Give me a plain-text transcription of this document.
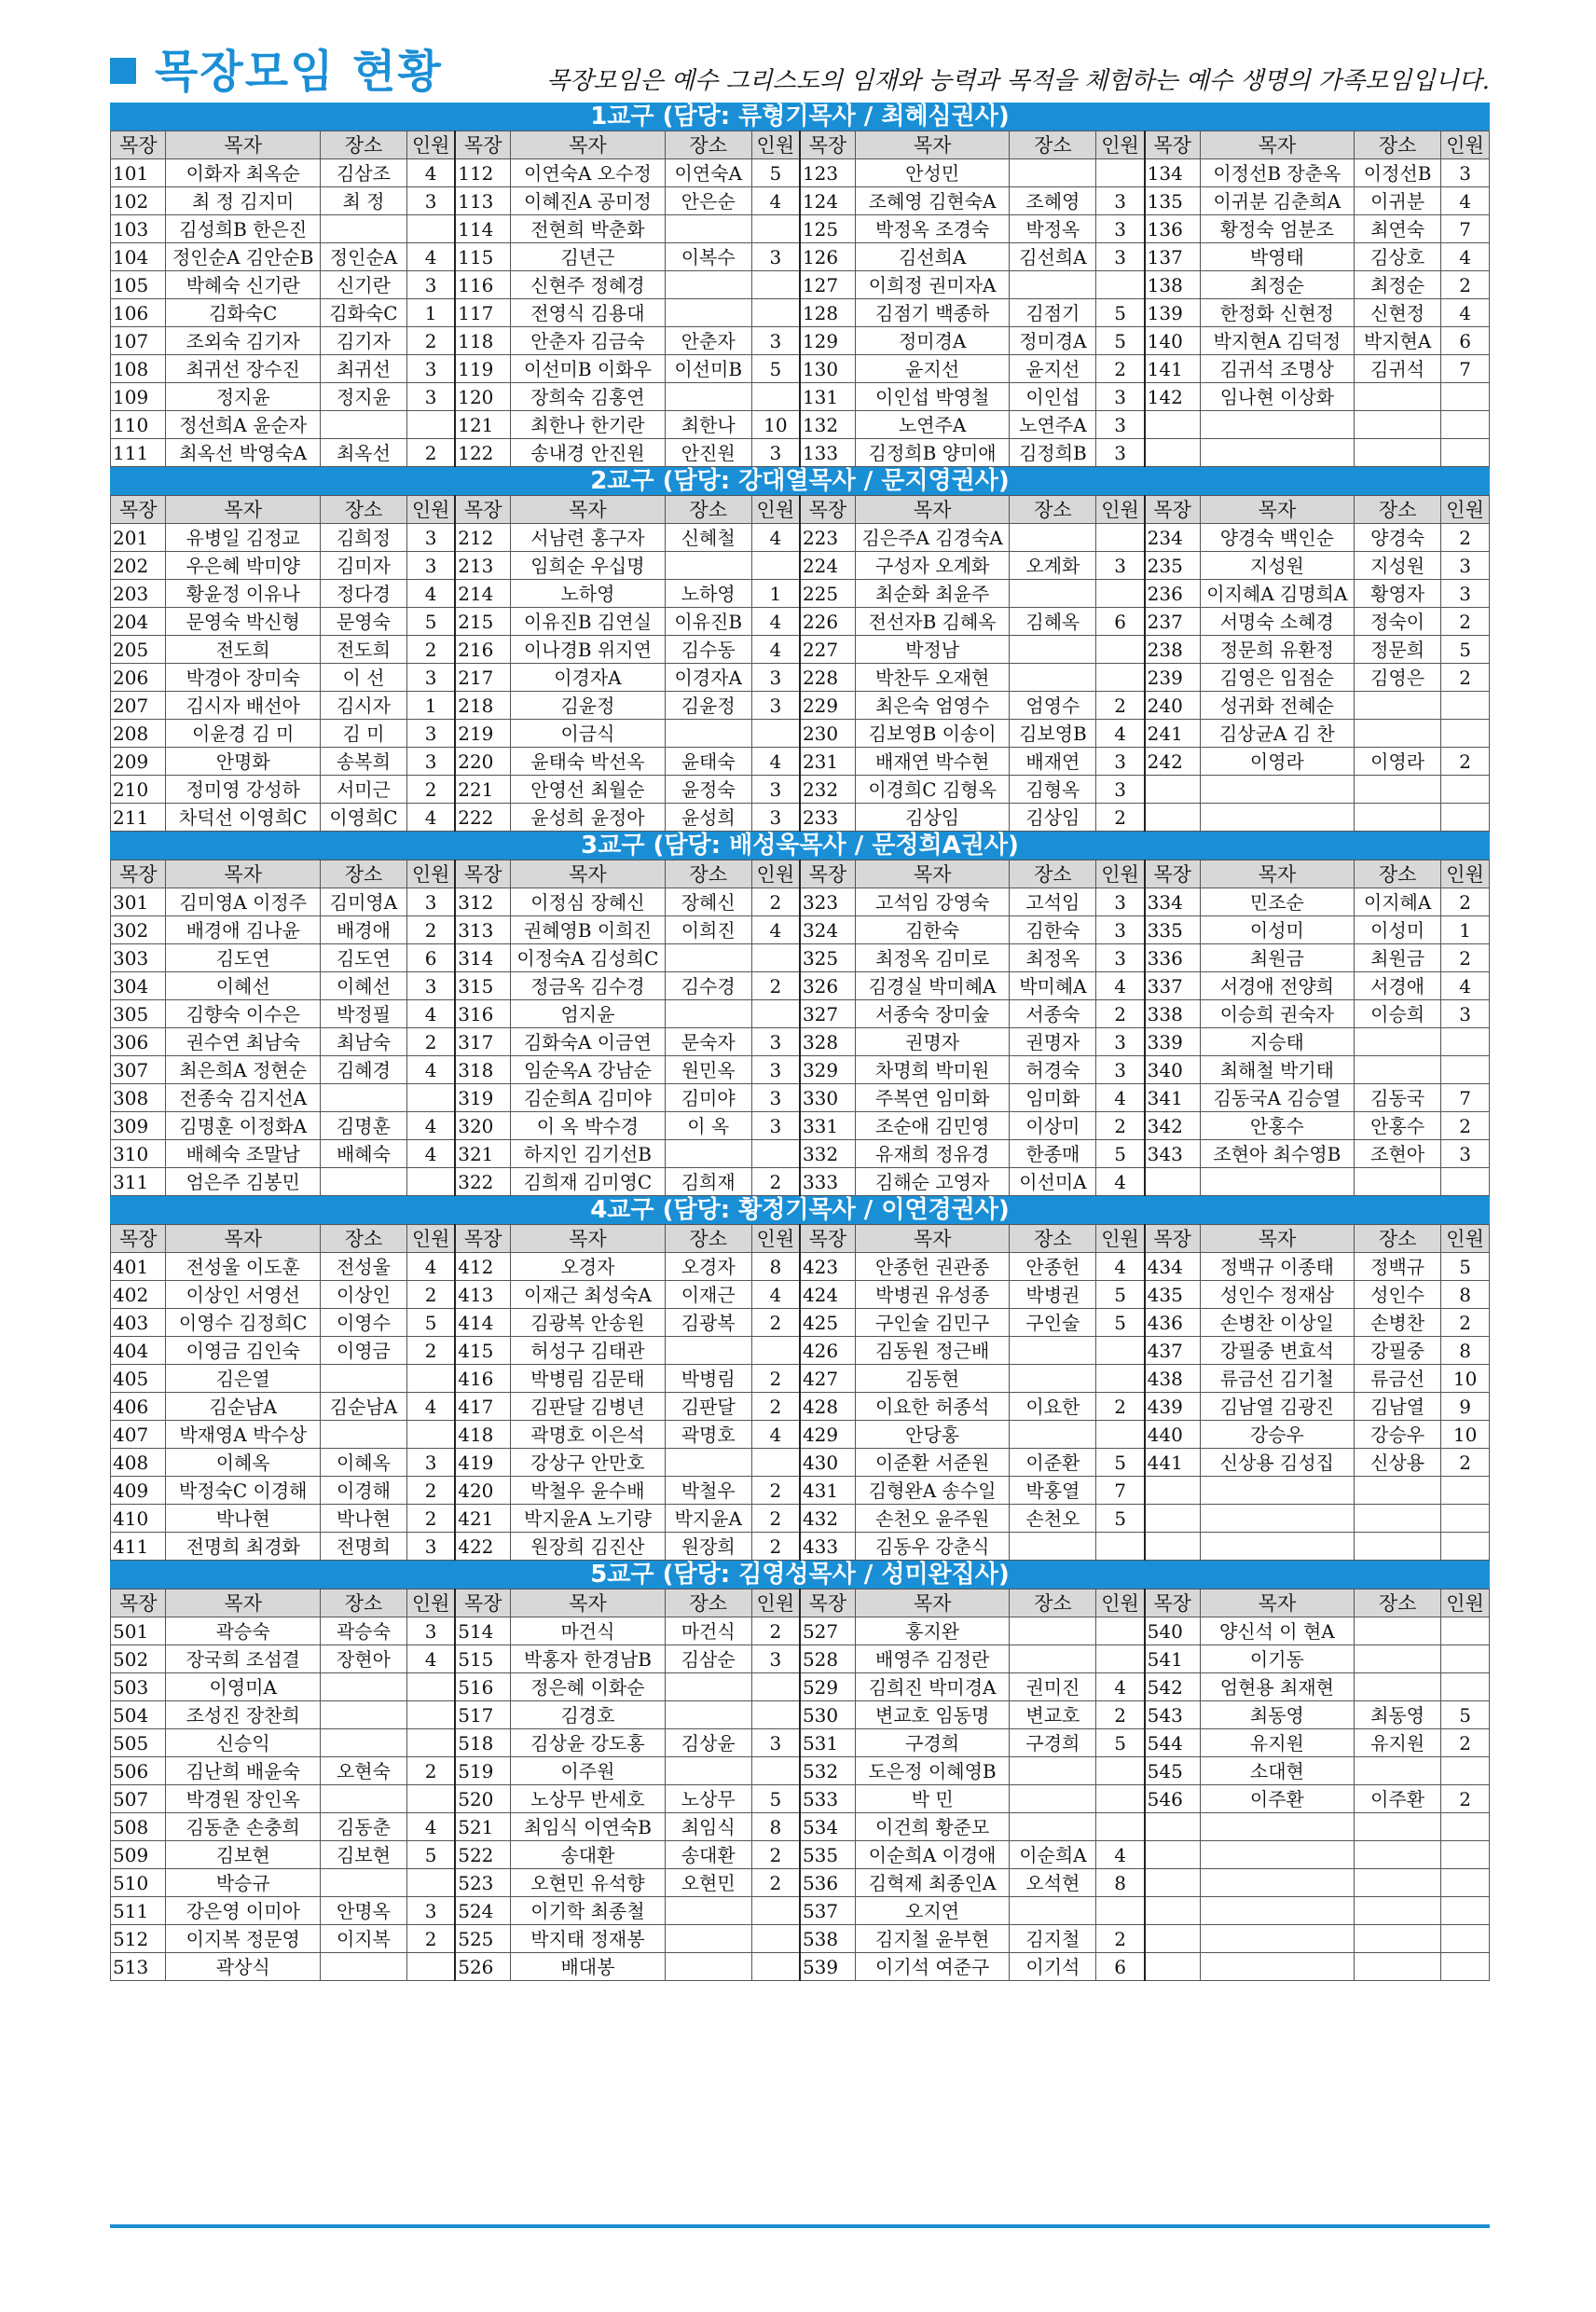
목장모임 현황	목장모임은 예수 그리스도의 임재와 능력과 목적을 체험하는 예수 생명의 가족모임입니다.
1교구 (담당: 류형기목사 / 최혜심권사)
목장	목자	장소	인원	목장	목자	장소	인원	목장	목자	장소	인원	목장	목자	장소	인원
101	이화자 최옥순	김삼조	4	112	이연숙A 오수정	이연숙A	5	123	안성민			134	이정선B 장춘옥	이정선B	3
102	최 정 김지미	최 정	3	113	이혜진A 공미정	안은순	4	124	조혜영 김현숙A	조혜영	3	135	이귀분 김춘희A	이귀분	4
103	김성희B 한은진			114	전현희 박춘화			125	박정옥 조경숙	박정옥	3	136	황정숙 엄분조	최연숙	7
104	정인순A 김안순B	정인순A	4	115	김년근	이복수	3	126	김선희A	김선희A	3	137	박영태	김상호	4
105	박혜숙 신기란	신기란	3	116	신현주 정혜경			127	이희정 권미자A			138	최정순	최정순	2
106	김화숙C	김화숙C	1	117	전영식 김용대			128	김점기 백종하	김점기	5	139	한정화 신현정	신현정	4
107	조외숙 김기자	김기자	2	118	안춘자 김금숙	안춘자	3	129	정미경A	정미경A	5	140	박지현A 김덕정	박지현A	6
108	최귀선 장수진	최귀선	3	119	이선미B 이화우	이선미B	5	130	윤지선	윤지선	2	141	김귀석 조명상	김귀석	7
109	정지윤	정지윤	3	120	장희숙 김홍연			131	이인섭 박영철	이인섭	3	142	임나현 이상화		
110	정선희A 윤순자			121	최한나 한기란	최한나	10	132	노연주A	노연주A	3				
111	최옥선 박영숙A	최옥선	2	122	송내경 안진원	안진원	3	133	김정희B 양미애	김정희B	3				
2교구 (담당: 강대열목사 / 문지영권사)
목장	목자	장소	인원	목장	목자	장소	인원	목장	목자	장소	인원	목장	목자	장소	인원
201	유병일 김정교	김희정	3	212	서남련 홍구자	신혜철	4	223	김은주A 김경숙A			234	양경숙 백인순	양경숙	2
202	우은혜 박미양	김미자	3	213	임희순 우십명			224	구성자 오계화	오계화	3	235	지성원	지성원	3
203	황윤정 이유나	정다경	4	214	노하영	노하영	1	225	최순화 최윤주			236	이지혜A 김명희A	황영자	3
204	문영숙 박신형	문영숙	5	215	이유진B 김연실	이유진B	4	226	전선자B 김혜옥	김혜옥	6	237	서명숙 소혜경	정숙이	2
205	전도희	전도희	2	216	이나경B 위지연	김수동	4	227	박정남			238	정문희 유환정	정문희	5
206	박경아 장미숙	이 선	3	217	이경자A	이경자A	3	228	박찬두 오재현			239	김영은 임점순	김영은	2
207	김시자 배선아	김시자	1	218	김윤정	김윤정	3	229	최은숙 엄영수	엄영수	2	240	성귀화 전혜순		
208	이윤경 김 미	김 미	3	219	이금식			230	김보영B 이송이	김보영B	4	241	김상균A 김 찬		
209	안명화	송복희	3	220	윤태숙 박선옥	윤태숙	4	231	배재연 박수현	배재연	3	242	이영라	이영라	2
210	정미영 강성하	서미근	2	221	안영선 최월순	윤정숙	3	232	이경희C 김형옥	김형옥	3				
211	차덕선 이영희C	이영희C	4	222	윤성희 윤정아	윤성희	3	233	김상임	김상임	2				
3교구 (담당: 배성욱목사 / 문정희A권사)
목장	목자	장소	인원	목장	목자	장소	인원	목장	목자	장소	인원	목장	목자	장소	인원
301	김미영A 이정주	김미영A	3	312	이정심 장혜신	장혜신	2	323	고석임 강영숙	고석임	3	334	민조순	이지혜A	2
302	배경애 김나윤	배경애	2	313	권혜영B 이희진	이희진	4	324	김한숙	김한숙	3	335	이성미	이성미	1
303	김도연	김도연	6	314	이정숙A 김성희C			325	최정옥 김미로	최정옥	3	336	최원금	최원금	2
304	이혜선	이혜선	3	315	정금옥 김수경	김수경	2	326	김경실 박미혜A	박미혜A	4	337	서경애 전양희	서경애	4
305	김향숙 이수은	박정필	4	316	엄지윤			327	서종숙 장미숲	서종숙	2	338	이승희 권숙자	이승희	3
306	권수연 최남숙	최남숙	2	317	김화숙A 이금연	문숙자	3	328	권명자	권명자	3	339	지승태		
307	최은희A 정현순	김혜경	4	318	임순옥A 강남순	원민옥	3	329	차명희 박미원	허경숙	3	340	최해철 박기태		
308	전종숙 김지선A			319	김순희A 김미야	김미야	3	330	주복연 임미화	임미화	4	341	김동국A 김승열	김동국	7
309	김명훈 이정화A	김명훈	4	320	이 옥 박수경	이 옥	3	331	조순애 김민영	이상미	2	342	안홍수	안홍수	2
310	배혜숙 조말남	배혜숙	4	321	하지인 김기선B			332	유재희 정유경	한종매	5	343	조현아 최수영B	조현아	3
311	엄은주 김봉민			322	김희재 김미영C	김희재	2	333	김해순 고영자	이선미A	4				
4교구 (담당: 황정기목사 / 이연경권사)
목장	목자	장소	인원	목장	목자	장소	인원	목장	목자	장소	인원	목장	목자	장소	인원
401	전성울 이도훈	전성울	4	412	오경자	오경자	8	423	안종헌 권관종	안종헌	4	434	정백규 이종태	정백규	5
402	이상인 서영선	이상인	2	413	이재근 최성숙A	이재근	4	424	박병권 유성종	박병권	5	435	성인수 정재삼	성인수	8
403	이영수 김정희C	이영수	5	414	김광복 안송원	김광복	2	425	구인술 김민구	구인술	5	436	손병찬 이상일	손병찬	2
404	이영금 김인숙	이영금	2	415	허성구 김태관			426	김동원 정근배			437	강필중 변효석	강필중	8
405	김은열			416	박병림 김문태	박병림	2	427	김동현			438	류금선 김기철	류금선	10
406	김순남A	김순남A	4	417	김판달 김병년	김판달	2	428	이요한 허종석	이요한	2	439	김남열 김광진	김남열	9
407	박재영A 박수상			418	곽명호 이은석	곽명호	4	429	안당홍			440	강승우	강승우	10
408	이혜옥	이혜옥	3	419	강상구 안만호			430	이준환 서준원	이준환	5	441	신상용 김성집	신상용	2
409	박정숙C 이경해	이경해	2	420	박철우 윤수배	박철우	2	431	김형완A 송수일	박홍열	7				
410	박나현	박나현	2	421	박지윤A 노기량	박지윤A	2	432	손천오 윤주원	손천오	5				
411	전명희 최경화	전명희	3	422	원장희 김진산	원장희	2	433	김동우 강춘식						
5교구 (담당: 김영성목사 / 성미완집사)
목장	목자	장소	인원	목장	목자	장소	인원	목장	목자	장소	인원	목장	목자	장소	인원
501	곽승숙	곽승숙	3	514	마건식	마건식	2	527	홍지완			540	양신석 이 현A		
502	장국희 조섬결	장현아	4	515	박홍자 한경남B	김삼순	3	528	배영주 김정란			541	이기동		
503	이영미A			516	정은혜 이화순			529	김희진 박미경A	권미진	4	542	엄현용 최재현		
504	조성진 장찬희			517	김경호			530	변교호 임동명	변교호	2	543	최동영	최동영	5
505	신승익			518	김상윤 강도홍	김상윤	3	531	구경희	구경희	5	544	유지원	유지원	2
506	김난희 배윤숙	오현숙	2	519	이주원			532	도은정 이혜영B			545	소대현		
507	박경원 장인옥			520	노상무 반세호	노상무	5	533	박 민			546	이주환	이주환	2
508	김동춘 손충희	김동춘	4	521	최임식 이연숙B	최임식	8	534	이건희 황준모						
509	김보현	김보현	5	522	송대환	송대환	2	535	이순희A 이경애	이순희A	4				
510	박승규			523	오현민 유석향	오현민	2	536	김혁제 최종인A	오석현	8				
511	강은영 이미아	안명옥	3	524	이기학 최종철			537	오지연						
512	이지복 정문영	이지복	2	525	박지태 정재봉			538	김지철 윤부현	김지철	2				
513	곽상식			526	배대봉			539	이기석 여준구	이기석	6				
